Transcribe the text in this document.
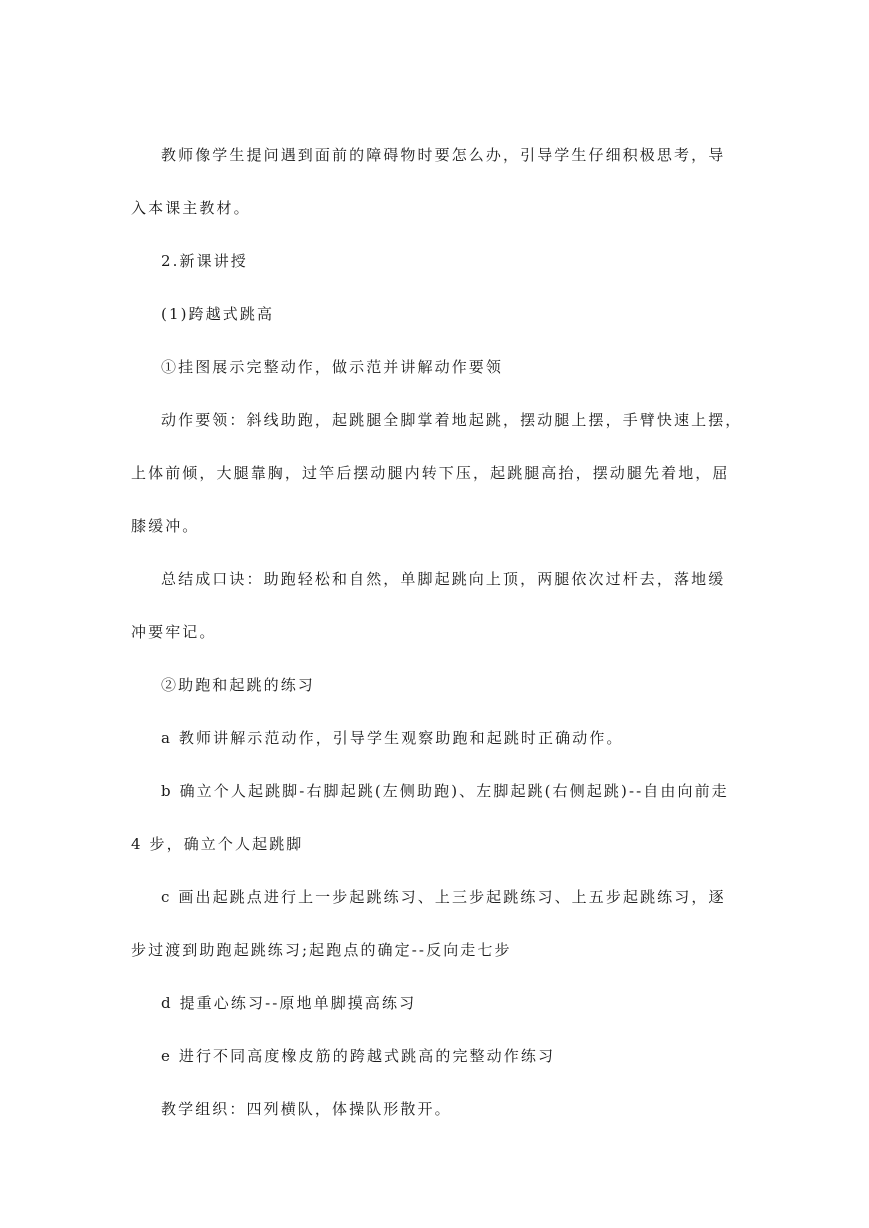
教师像学生提问遇到面前的障碍物时要怎么办，引导学生仔细积极思考，导

入本课主教材。

2.新课讲授

(1)跨越式跳高

①挂图展示完整动作，做示范并讲解动作要领

动作要领：斜线助跑，起跳腿全脚掌着地起跳，摆动腿上摆，手臂快速上摆，

上体前倾，大腿靠胸，过竿后摆动腿内转下压，起跳腿高抬，摆动腿先着地，屈

膝缓冲。

总结成口诀：助跑轻松和自然，单脚起跳向上顶，两腿依次过杆去，落地缓

冲要牢记。

②助跑和起跳的练习

a 教师讲解示范动作，引导学生观察助跑和起跳时正确动作。

b 确立个人起跳脚-右脚起跳(左侧助跑)、左脚起跳(右侧起跳)--自由向前走

4 步，确立个人起跳脚

c 画出起跳点进行上一步起跳练习、上三步起跳练习、上五步起跳练习，逐

步过渡到助跑起跳练习;起跑点的确定--反向走七步

d 提重心练习--原地单脚摸高练习

e 进行不同高度橡皮筋的跨越式跳高的完整动作练习

教学组织：四列横队，体操队形散开。
